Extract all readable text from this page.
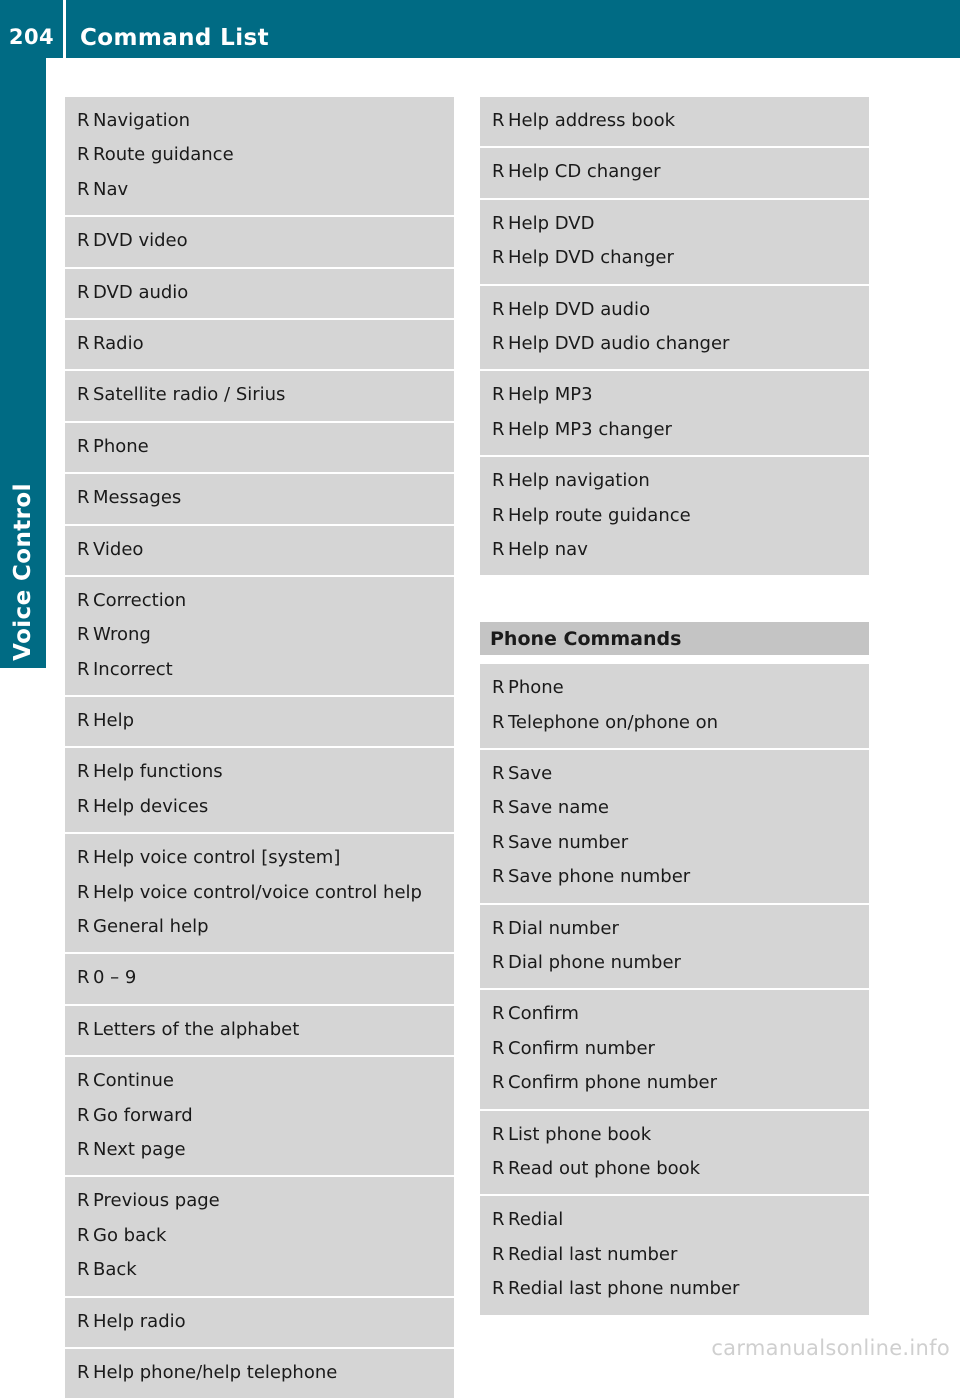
204	Command List
Voice Control
R Navigation
R Route guidance
R Nav
R DVD video
R DVD audio
R Radio
R Satellite radio / Sirius
R Phone
R Messages
R Video
R Correction
R Wrong
R Incorrect
R Help
R Help functions
R Help devices
R Help voice control [system]
R Help voice control/voice control help
R General help
R 0 – 9
R Letters of the alphabet
R Continue
R Go forward
R Next page
R Previous page
R Go back
R Back
R Help radio
R Help phone/help telephone
R Help address book
R Help CD changer
R Help DVD
R Help DVD changer
R Help DVD audio
R Help DVD audio changer
R Help MP3
R Help MP3 changer
R Help navigation
R Help route guidance
R Help nav
Phone Commands
R Phone
R Telephone on/phone on
R Save
R Save name
R Save number
R Save phone number
R Dial number
R Dial phone number
R Confirm
R Confirm number
R Confirm phone number
R List phone book
R Read out phone book
R Redial
R Redial last number
R Redial last phone number
carmanualsonline.info
